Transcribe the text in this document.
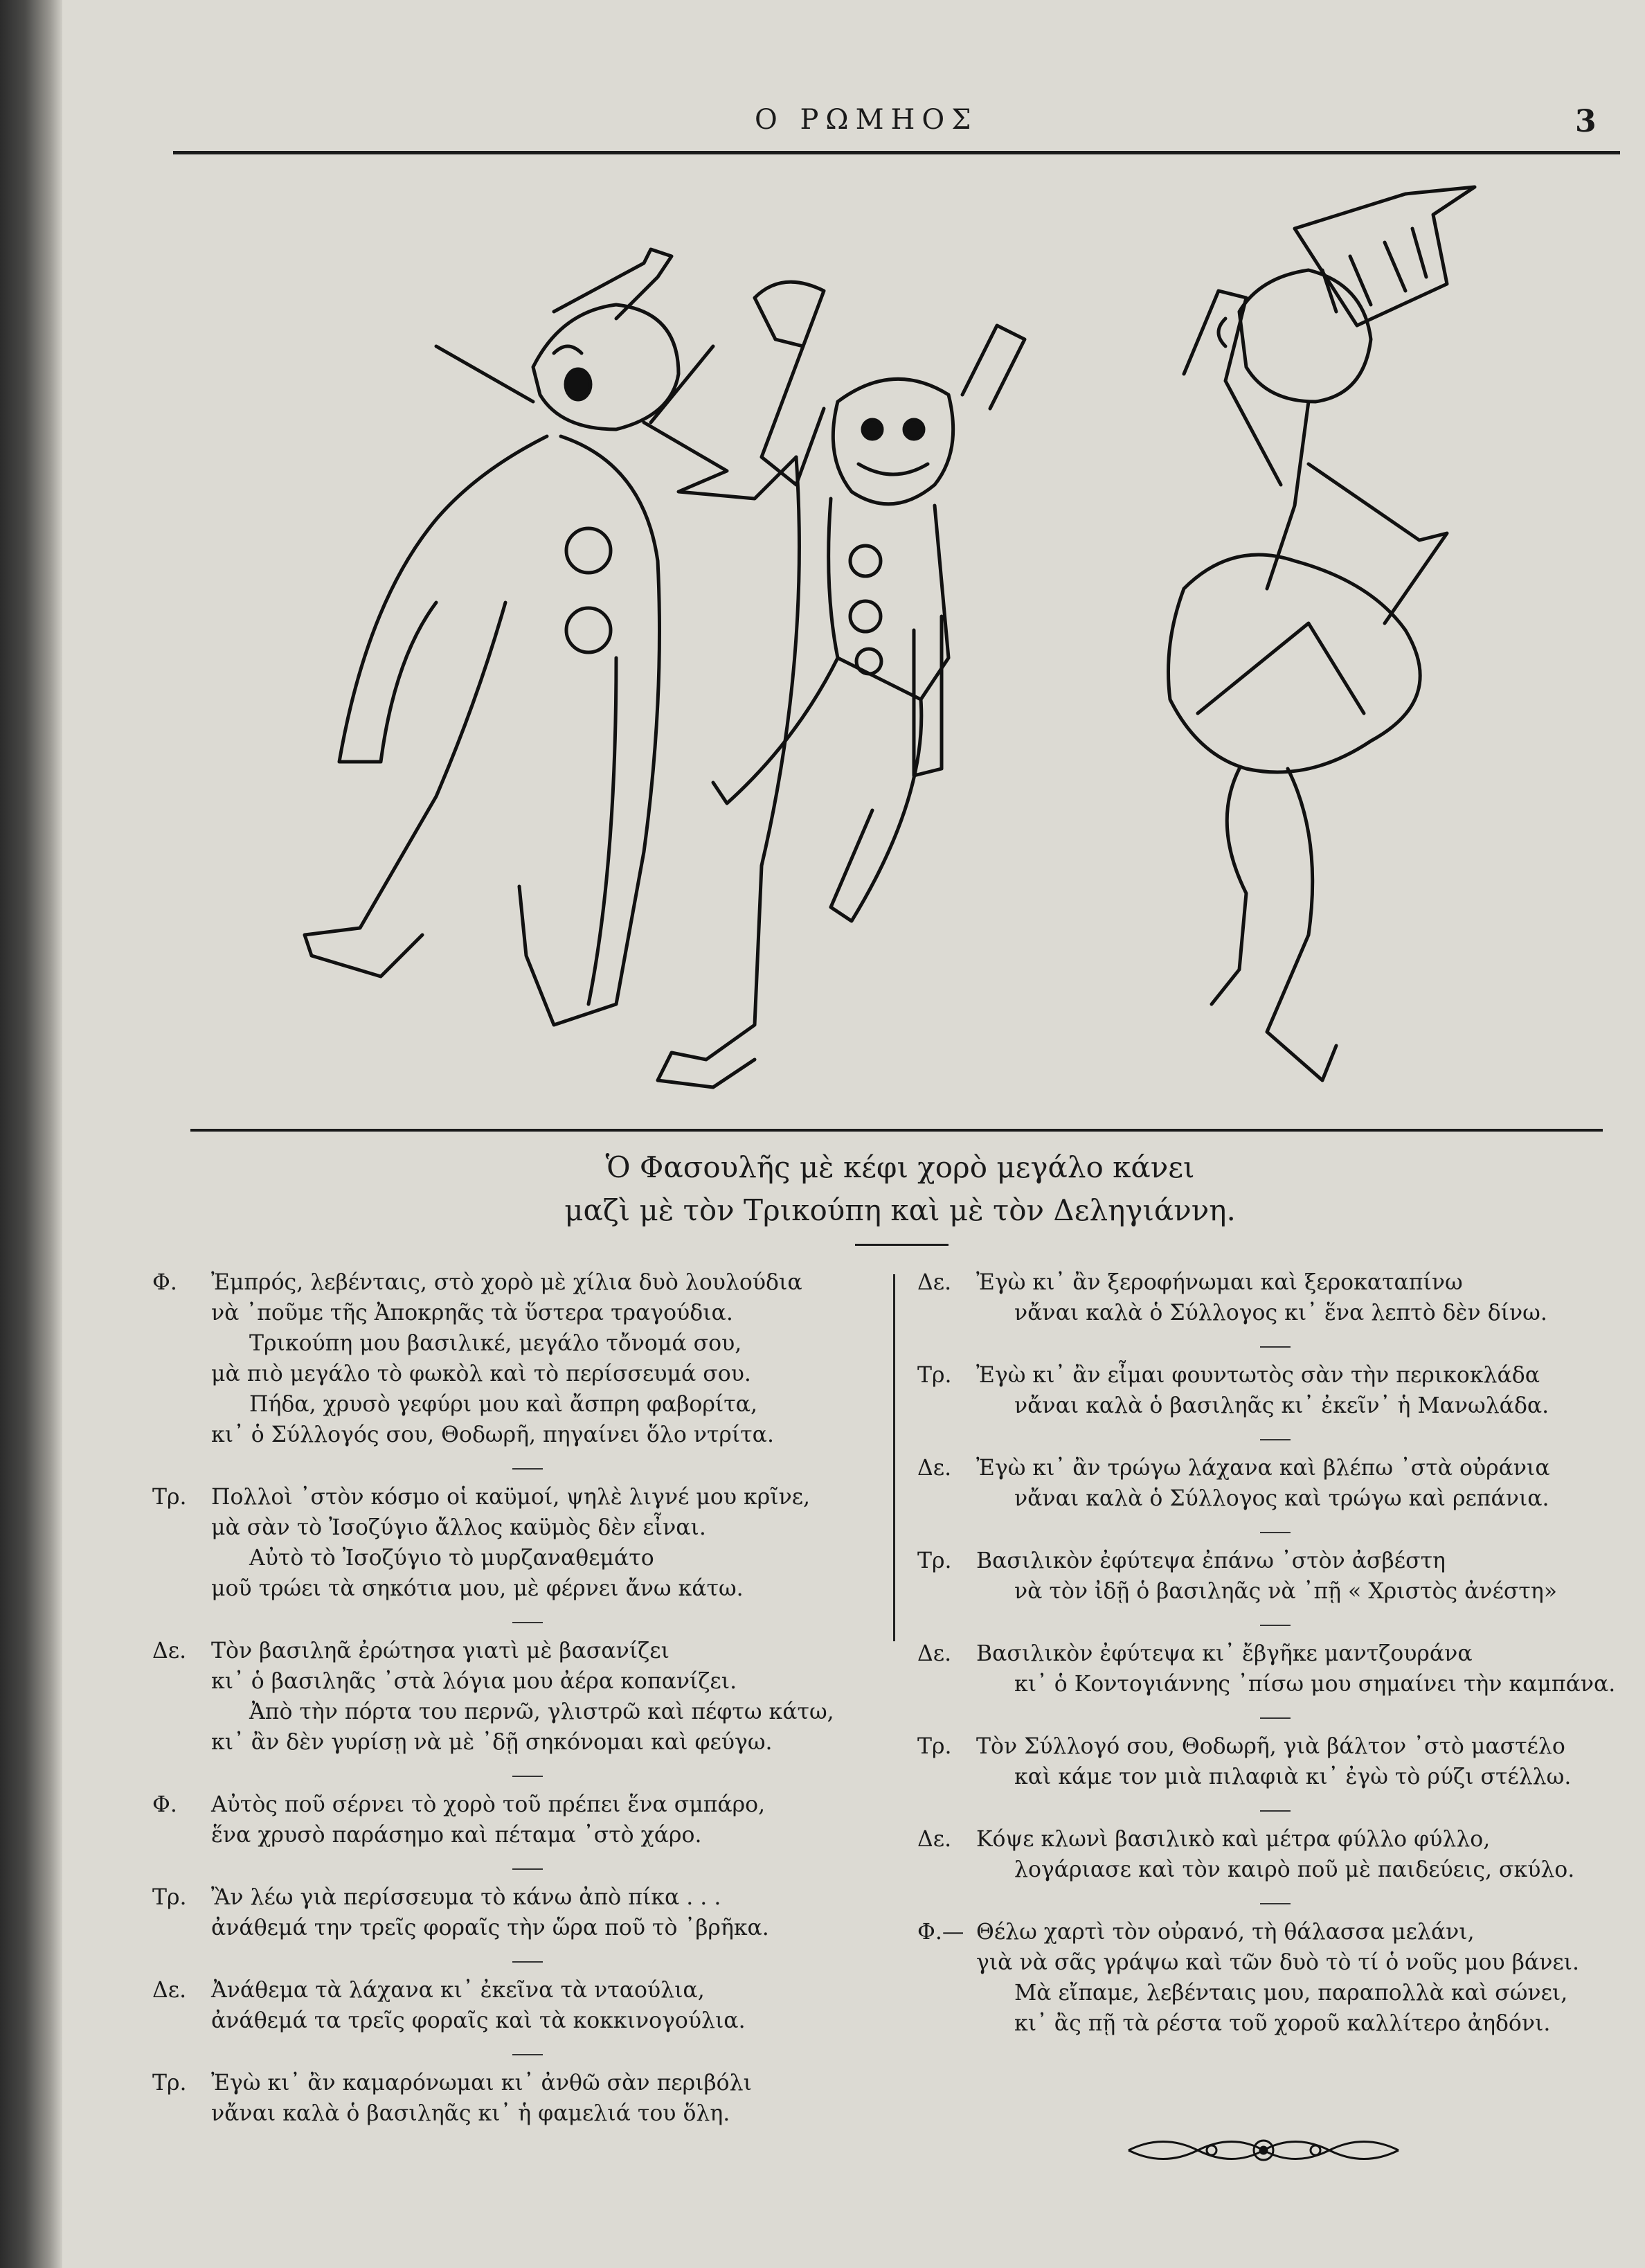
Ο ΡΩΜΗΟΣ	3
Ὁ Φασουλῆς μὲ κέφι χορὸ μεγάλο κάνει
μαζὶ μὲ τὸν Τρικούπη καὶ μὲ τὸν Δεληγιάννη.
Φ.	Ἐμπρός, λεβένταις, στὸ χορὸ μὲ χίλια δυὸ λουλούδια
νὰ ᾽ποῦμε τῆς Ἀποκρηᾶς τὰ ὕστερα τραγούδια.
Τρικούπη μου βασιλικέ, μεγάλο τὄνομά σου,
μὰ πιὸ μεγάλο τὸ φωκὸλ καὶ τὸ περίσσευμά σου.
Πήδα, χρυσὸ γεφύρι μου καὶ ἄσπρη φαβορίτα,
κι᾽ ὁ Σύλλογός σου, Θοδωρῆ, πηγαίνει ὅλο ντρίτα.
Τρ.	Πολλοὶ ᾽στὸν κόσμο οἱ καϋμοί, ψηλὲ λιγνέ μου κρῖνε,
μὰ σὰν τὸ Ἰσοζύγιο ἄλλος καϋμὸς δὲν εἶναι.
Αὐτὸ τὸ Ἰσοζύγιο τὸ μυρζαναθεμάτο
μοῦ τρώει τὰ σηκότια μου, μὲ φέρνει ἄνω κάτω.
Δε.	Τὸν βασιληᾶ ἐρώτησα γιατὶ μὲ βασανίζει
κι᾽ ὁ βασιληᾶς ᾽στὰ λόγια μου ἀέρα κοπανίζει.
Ἀπὸ τὴν πόρτα του περνῶ, γλιστρῶ καὶ πέφτω κάτω,
κι᾽ ἂν δὲν γυρίσῃ νὰ μὲ ᾽δῇ σηκόνομαι καὶ φεύγω.
Φ.	Αὐτὸς ποῦ σέρνει τὸ χορὸ τοῦ πρέπει ἕνα σμπάρο,
ἕνα χρυσὸ παράσημο καὶ πέταμα ᾽στὸ χάρο.
Τρ.	Ἂν λέω γιὰ περίσσευμα τὸ κάνω ἀπὸ πίκα . . .
ἀνάθεμά την τρεῖς φοραῖς τὴν ὥρα ποῦ τὸ ᾽βρῆκα.
Δε.	Ἀνάθεμα τὰ λάχανα κι᾽ ἐκεῖνα τὰ νταούλια,
ἀνάθεμά τα τρεῖς φοραῖς καὶ τὰ κοκκινογούλια.
Τρ.	Ἐγὼ κι᾽ ἂν καμαρόνωμαι κι᾽ ἀνθῶ σὰν περιβόλι
νἄναι καλὰ ὁ βασιληᾶς κι᾽ ἡ φαμελιά του ὅλη.
Δε.	Ἐγὼ κι᾽ ἂν ξεροφήνωμαι καὶ ξεροκαταπίνω
νἄναι καλὰ ὁ Σύλλογος κι᾽ ἕνα λεπτὸ δὲν δίνω.
Τρ.	Ἐγὼ κι᾽ ἂν εἶμαι φουντωτὸς σὰν τὴν περικοκλάδα
νἄναι καλὰ ὁ βασιληᾶς κι᾽ ἐκεῖν᾽ ἡ Μανωλάδα.
Δε.	Ἐγὼ κι᾽ ἂν τρώγω λάχανα καὶ βλέπω ᾽στὰ οὐράνια
νἄναι καλὰ ὁ Σύλλογος καὶ τρώγω καὶ ρεπάνια.
Τρ.	Βασιλικὸν ἐφύτεψα ἐπάνω ᾽στὸν ἀσβέστη
νὰ τὸν ἰδῇ ὁ βασιληᾶς νὰ ᾽πῇ « Χριστὸς ἀνέστη»
Δε.	Βασιλικὸν ἐφύτεψα κι᾽ ἔβγῆκε μαντζουράνα
κι᾽ ὁ Κοντογιάννης ᾽πίσω μου σημαίνει τὴν καμπάνα.
Τρ.	Τὸν Σύλλογό σου, Θοδωρῆ, γιὰ βάλτον ᾽στὸ μαστέλο
καὶ κάμε τον μιὰ πιλαφιὰ κι᾽ ἐγὼ τὸ ρύζι στέλλω.
Δε.	Κόψε κλωνὶ βασιλικὸ καὶ μέτρα φύλλο φύλλο,
λογάριασε καὶ τὸν καιρὸ ποῦ μὲ παιδεύεις, σκύλο.
Φ.— Θέλω χαρτὶ τὸν οὐρανό, τὴ θάλασσα μελάνι,
γιὰ νὰ σᾶς γράψω καὶ τῶν δυὸ τὸ τί ὁ νοῦς μου βάνει.
Μὰ εἴπαμε, λεβένταις μου, παραπολλὰ καὶ σώνει,
κι᾽ ἂς πῇ τὰ ρέστα τοῦ χοροῦ καλλίτερο ἀηδόνι.
